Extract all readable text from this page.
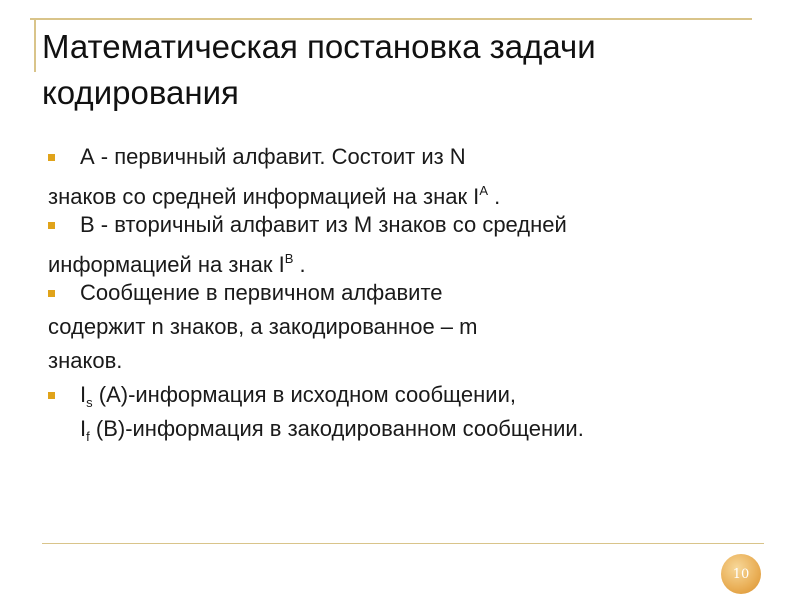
Математическая постановка задачи
кодирования
А - первичный алфавит. Состоит из N
знаков со средней информацией на знак $I^A$ .
B - вторичный алфавит из M знаков со средней
информацией на знак $I^B$ .
Сообщение в первичном алфавите
содержит n знаков, а закодированное – m
знаков.
$I_s$ (A)-информация в исходном сообщении,
$I_f$ (B)-информация в закодированном сообщении.
10
